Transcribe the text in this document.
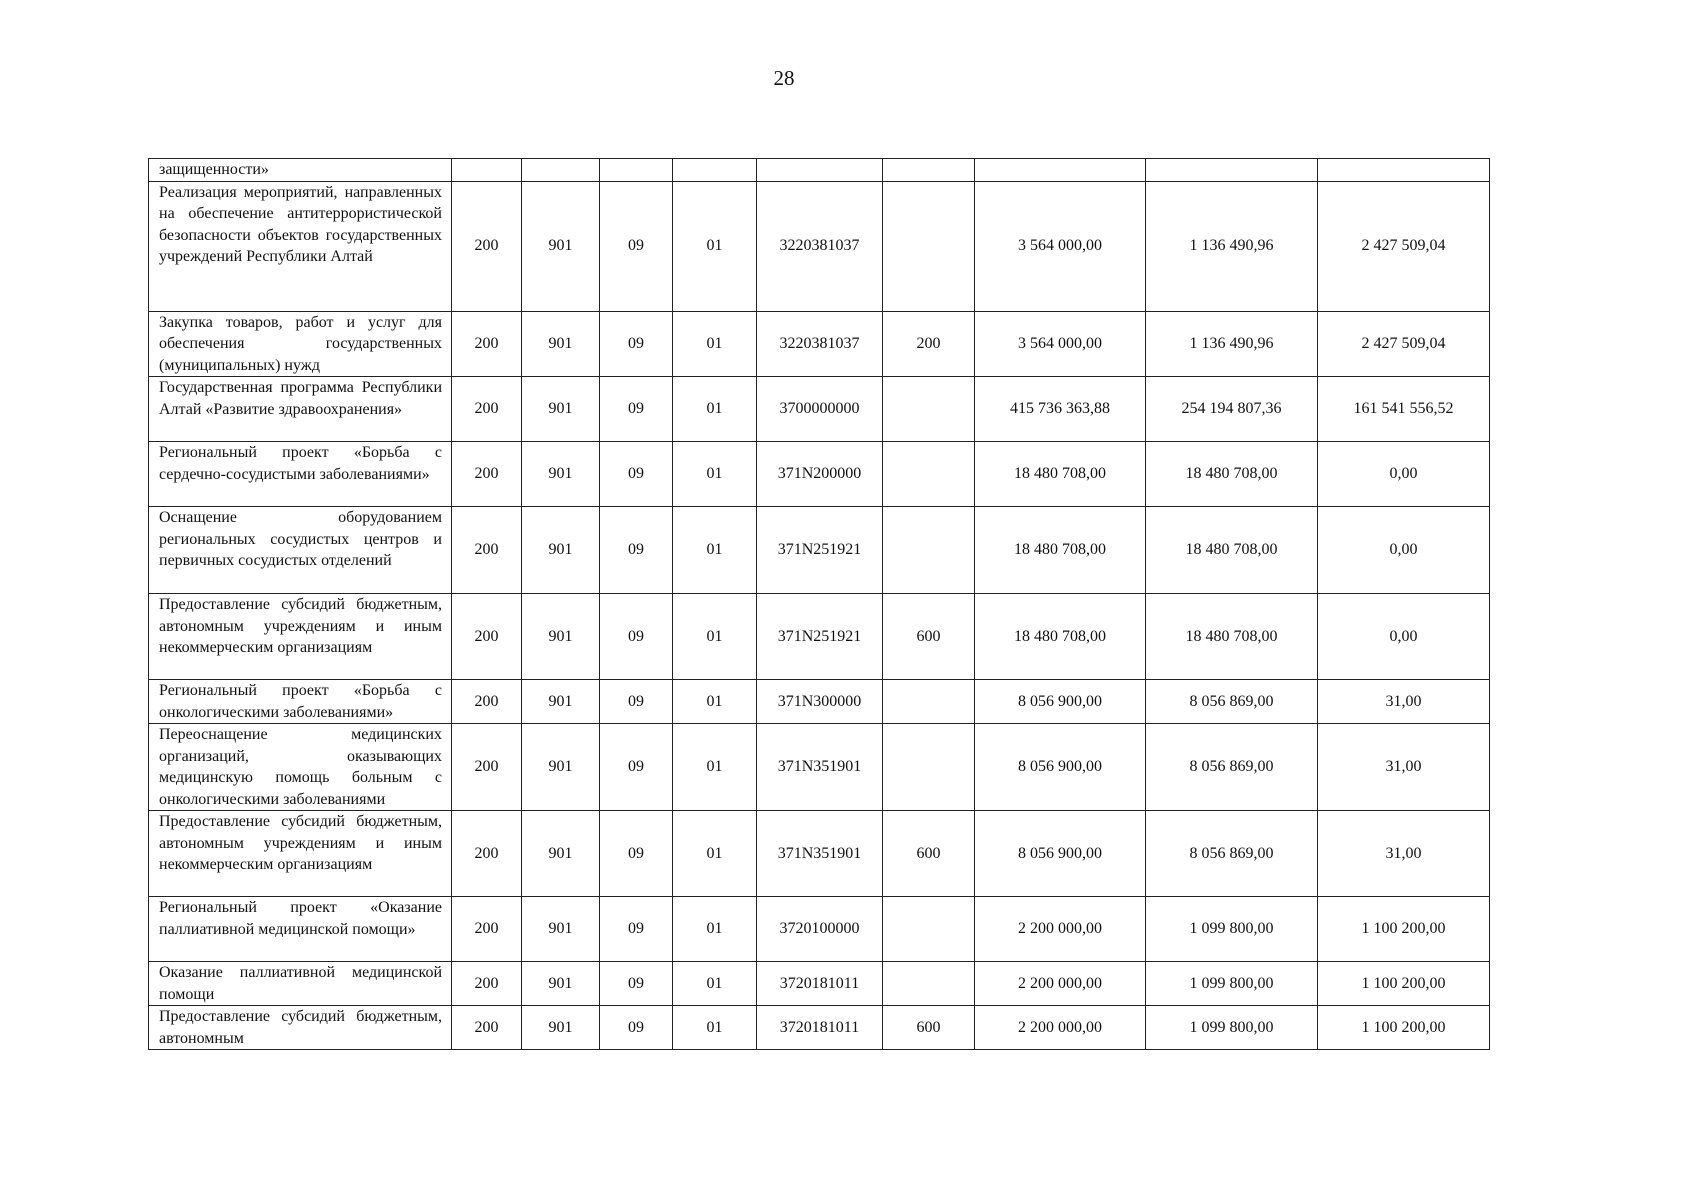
28
защищенности»									
Реализация мероприятий, направленных на обеспечение антитеррористической безопасности объектов государственных учреждений Республики Алтай	200	901	09	01	3220381037		3 564 000,00	1 136 490,96	2 427 509,04
Закупка товаров, работ и услуг для обеспечения государственных (муниципальных) нужд	200	901	09	01	3220381037	200	3 564 000,00	1 136 490,96	2 427 509,04
Государственная программа Республики Алтай «Развитие здравоохранения»	200	901	09	01	3700000000		415 736 363,88	254 194 807,36	161 541 556,52
Региональный проект «Борьба с сердечно-сосудистыми заболеваниями»	200	901	09	01	371N200000		18 480 708,00	18 480 708,00	0,00
Оснащение оборудованием региональных сосудистых центров и первичных сосудистых отделений	200	901	09	01	371N251921		18 480 708,00	18 480 708,00	0,00
Предоставление субсидий бюджетным, автономным учреждениям и иным некоммерческим организациям	200	901	09	01	371N251921	600	18 480 708,00	18 480 708,00	0,00
Региональный проект «Борьба с онкологическими заболеваниями»	200	901	09	01	371N300000		8 056 900,00	8 056 869,00	31,00
Переоснащение медицинских организаций, оказывающих медицинскую помощь больным с онкологическими заболеваниями	200	901	09	01	371N351901		8 056 900,00	8 056 869,00	31,00
Предоставление субсидий бюджетным, автономным учреждениям и иным некоммерческим организациям	200	901	09	01	371N351901	600	8 056 900,00	8 056 869,00	31,00
Региональный проект «Оказание паллиативной медицинской помощи»	200	901	09	01	3720100000		2 200 000,00	1 099 800,00	1 100 200,00
Оказание паллиативной медицинской помощи	200	901	09	01	3720181011		2 200 000,00	1 099 800,00	1 100 200,00
Предоставление субсидий бюджетным, автономным	200	901	09	01	3720181011	600	2 200 000,00	1 099 800,00	1 100 200,00
